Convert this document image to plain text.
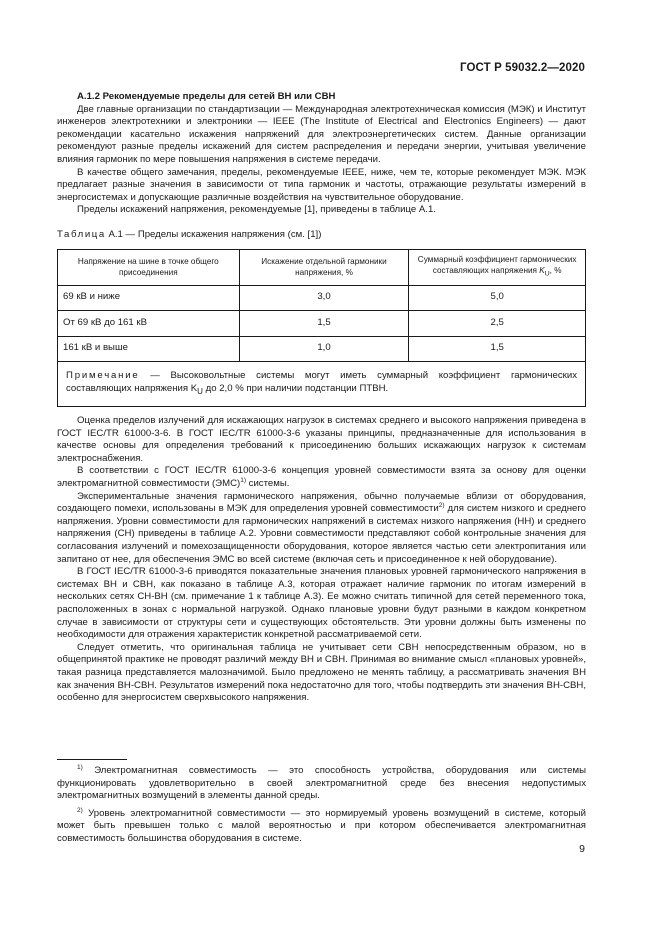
ГОСТ Р 59032.2—2020

А.1.2 Рекомендуемые пределы для сетей ВН или СВН

Две главные организации по стандартизации — Международная электротехническая комиссия (МЭК) и Институт инженеров электротехники и электроники — IEEE (The Institute of Electrical and Electronics Engineers) — дают рекомендации касательно искажения напряжений для электроэнергетических систем. Данные организации рекомендуют разные пределы искажений для систем распределения и передачи энергии, учитывая увеличение влияния гармоник по мере повышения напряжения в системе передачи.

В качестве общего замечания, пределы, рекомендуемые IEEE, ниже, чем те, которые рекомендует МЭК. МЭК предлагает разные значения в зависимости от типа гармоник и частоты, отражающие результаты измерений в энергосистемах и допускающие различные воздействия на чувствительное оборудование.

Пределы искажений напряжения, рекомендуемые [1], приведены в таблице А.1.

Таблица А.1 — Пределы искажения напряжения (см. [1])

Напряжение на шине в точке общего присоединения	Искажение отдельной гармоники напряжения, %	Суммарный коэффициент гармонических составляющих напряжения $K_U$, %
69 кВ и ниже	3,0	5,0
От 69 кВ до 161 кВ	1,5	2,5
161 кВ и выше	1,0	1,5
Примечание — Высоковольтные системы могут иметь суммарный коэффициент гармонических составляющих напряжения $K_U$ до 2,0 % при наличии подстанции ПТВН.		

Оценка пределов излучений для искажающих нагрузок в системах среднего и высокого напряжения приведена в ГОСТ IEC/TR 61000-3-6. В ГОСТ IEC/TR 61000-3-6 указаны принципы, предназначенные для использования в качестве основы для определения требований к присоединению больших искажающих нагрузок к системам электроснабжения.

В соответствии с ГОСТ IEC/TR 61000-3-6 концепция уровней совместимости взята за основу для оценки электромагнитной совместимости (ЭМС)$^{1)}$ системы.

Экспериментальные значения гармонического напряжения, обычно получаемые вблизи от оборудования, создающего помехи, использованы в МЭК для определения уровней совместимости$^{2)}$ для систем низкого и среднего напряжения. Уровни совместимости для гармонических напряжений в системах низкого напряжения (НН) и среднего напряжения (СН) приведены в таблице А.2. Уровни совместимости представляют собой контрольные значения для согласования излучений и помехозащищенности оборудования, которое является частью сети электропитания или запитано от нее, для обеспечения ЭМС во всей системе (включая сеть и присоединенное к ней оборудование).

В ГОСТ IEC/TR 61000-3-6 приводятся показательные значения плановых уровней гармонического напряжения в системах ВН и СВН, как показано в таблице А.3, которая отражает наличие гармоник по итогам измерений в нескольких сетях СН-ВН (см. примечание 1 к таблице А.3). Ее можно считать типичной для сетей переменного тока, расположенных в зонах с нормальной нагрузкой. Однако плановые уровни будут разными в каждом конкретном случае в зависимости от структуры сети и существующих обстоятельств. Эти уровни должны быть изменены по необходимости для отражения характеристик конкретной рассматриваемой сети.

Следует отметить, что оригинальная таблица не учитывает сети СВН непосредственным образом, но в общепринятой практике не проводят различий между ВН и СВН. Принимая во внимание смысл «плановых уровней», такая разница представляется малозначимой. Было предложено не менять таблицу, а рассматривать значения ВН как значения ВН-СВН. Результатов измерений пока недостаточно для того, чтобы подтвердить эти значения ВН-СВН, особенно для энергосистем сверхвысокого напряжения.

$^{1)}$ Электромагнитная совместимость — это способность устройства, оборудования или системы функционировать удовлетворительно в своей электромагнитной среде без внесения недопустимых электромагнитных возмущений в элементы данной среды.

$^{2)}$ Уровень электромагнитной совместимости — это нормируемый уровень возмущений в системе, который может быть превышен только с малой вероятностью и при котором обеспечивается электромагнитная совместимость большинства оборудования в системе.

9
